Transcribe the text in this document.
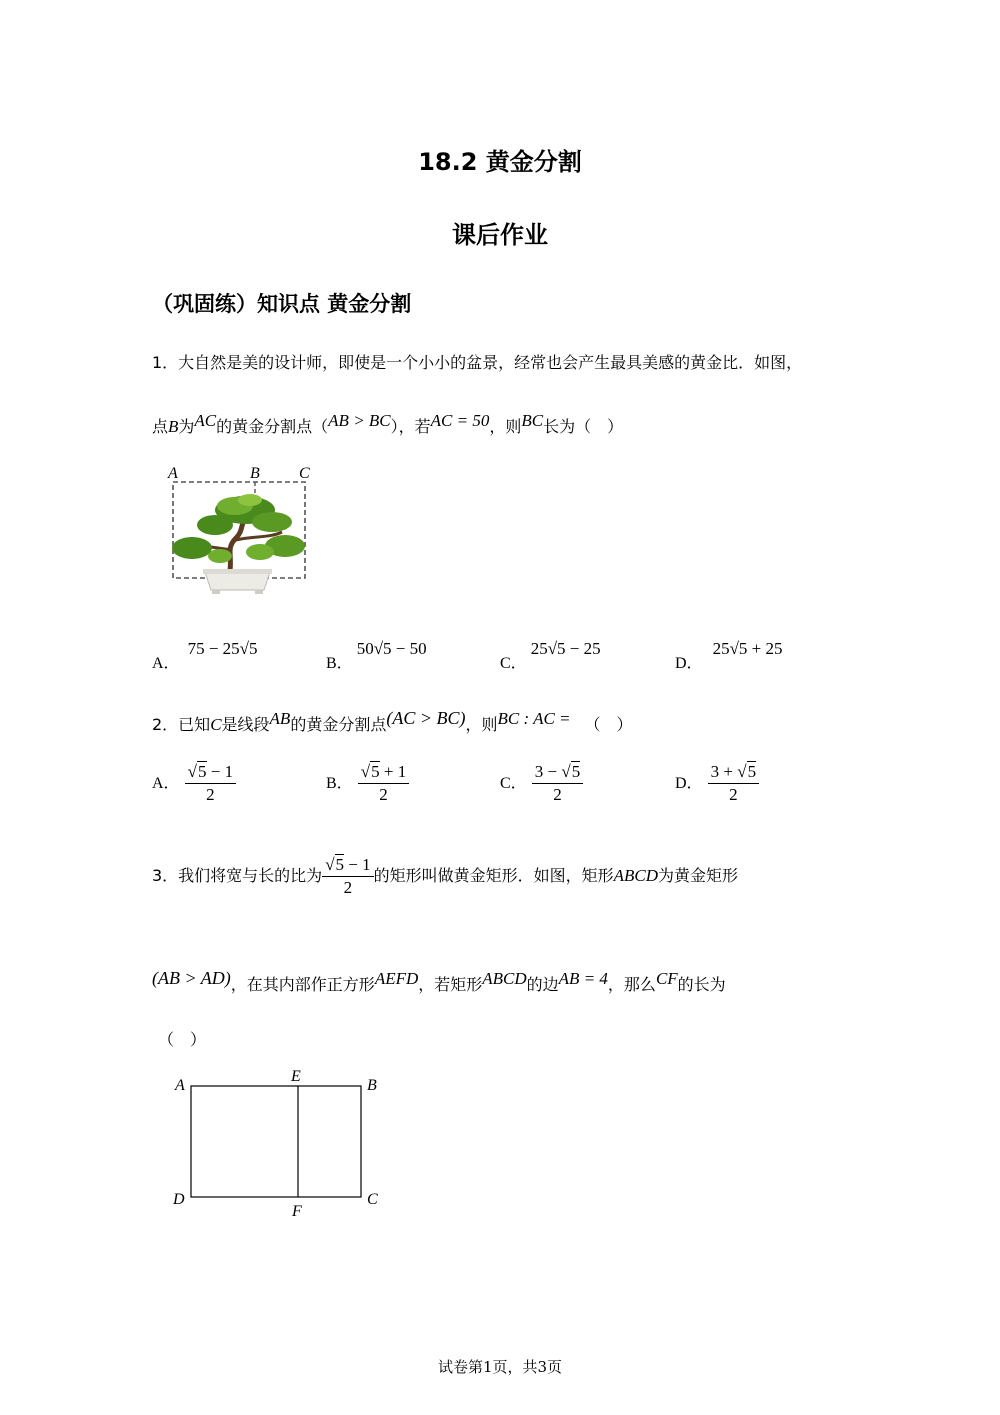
18.2 黄金分割
课后作业
（巩固练）知识点 黄金分割
1．大自然是美的设计师，即使是一个小小的盆景，经常也会产生最具美感的黄金比．如图，
点B为AC的黄金分割点（AB > BC），若AC = 50，则BC长为（　）
A	B C
A．75 − 25√5
B．50√5 − 50
C．25√5 − 25
D．25√5 + 25
2．已知C是线段AB的黄金分割点(AC > BC)，则BC : AC = （　）
A． $\frac{√5 - 1}{2}$	B． $\frac{√5 + 1}{2}$	C． $\frac{3 - √5}{2}$	D． $\frac{3 + √5}{2}$
3．我们将宽与长的比为 $\frac{√5 - 1}{2}$ 的矩形叫做黄金矩形．如图，矩形ABCD为黄金矩形
(AB > AD)，在其内部作正方形AEFD，若矩形ABCD的边AB = 4，那么CF的长为
（　）
A
E
B
D
F
C
试卷第1页，共3页
